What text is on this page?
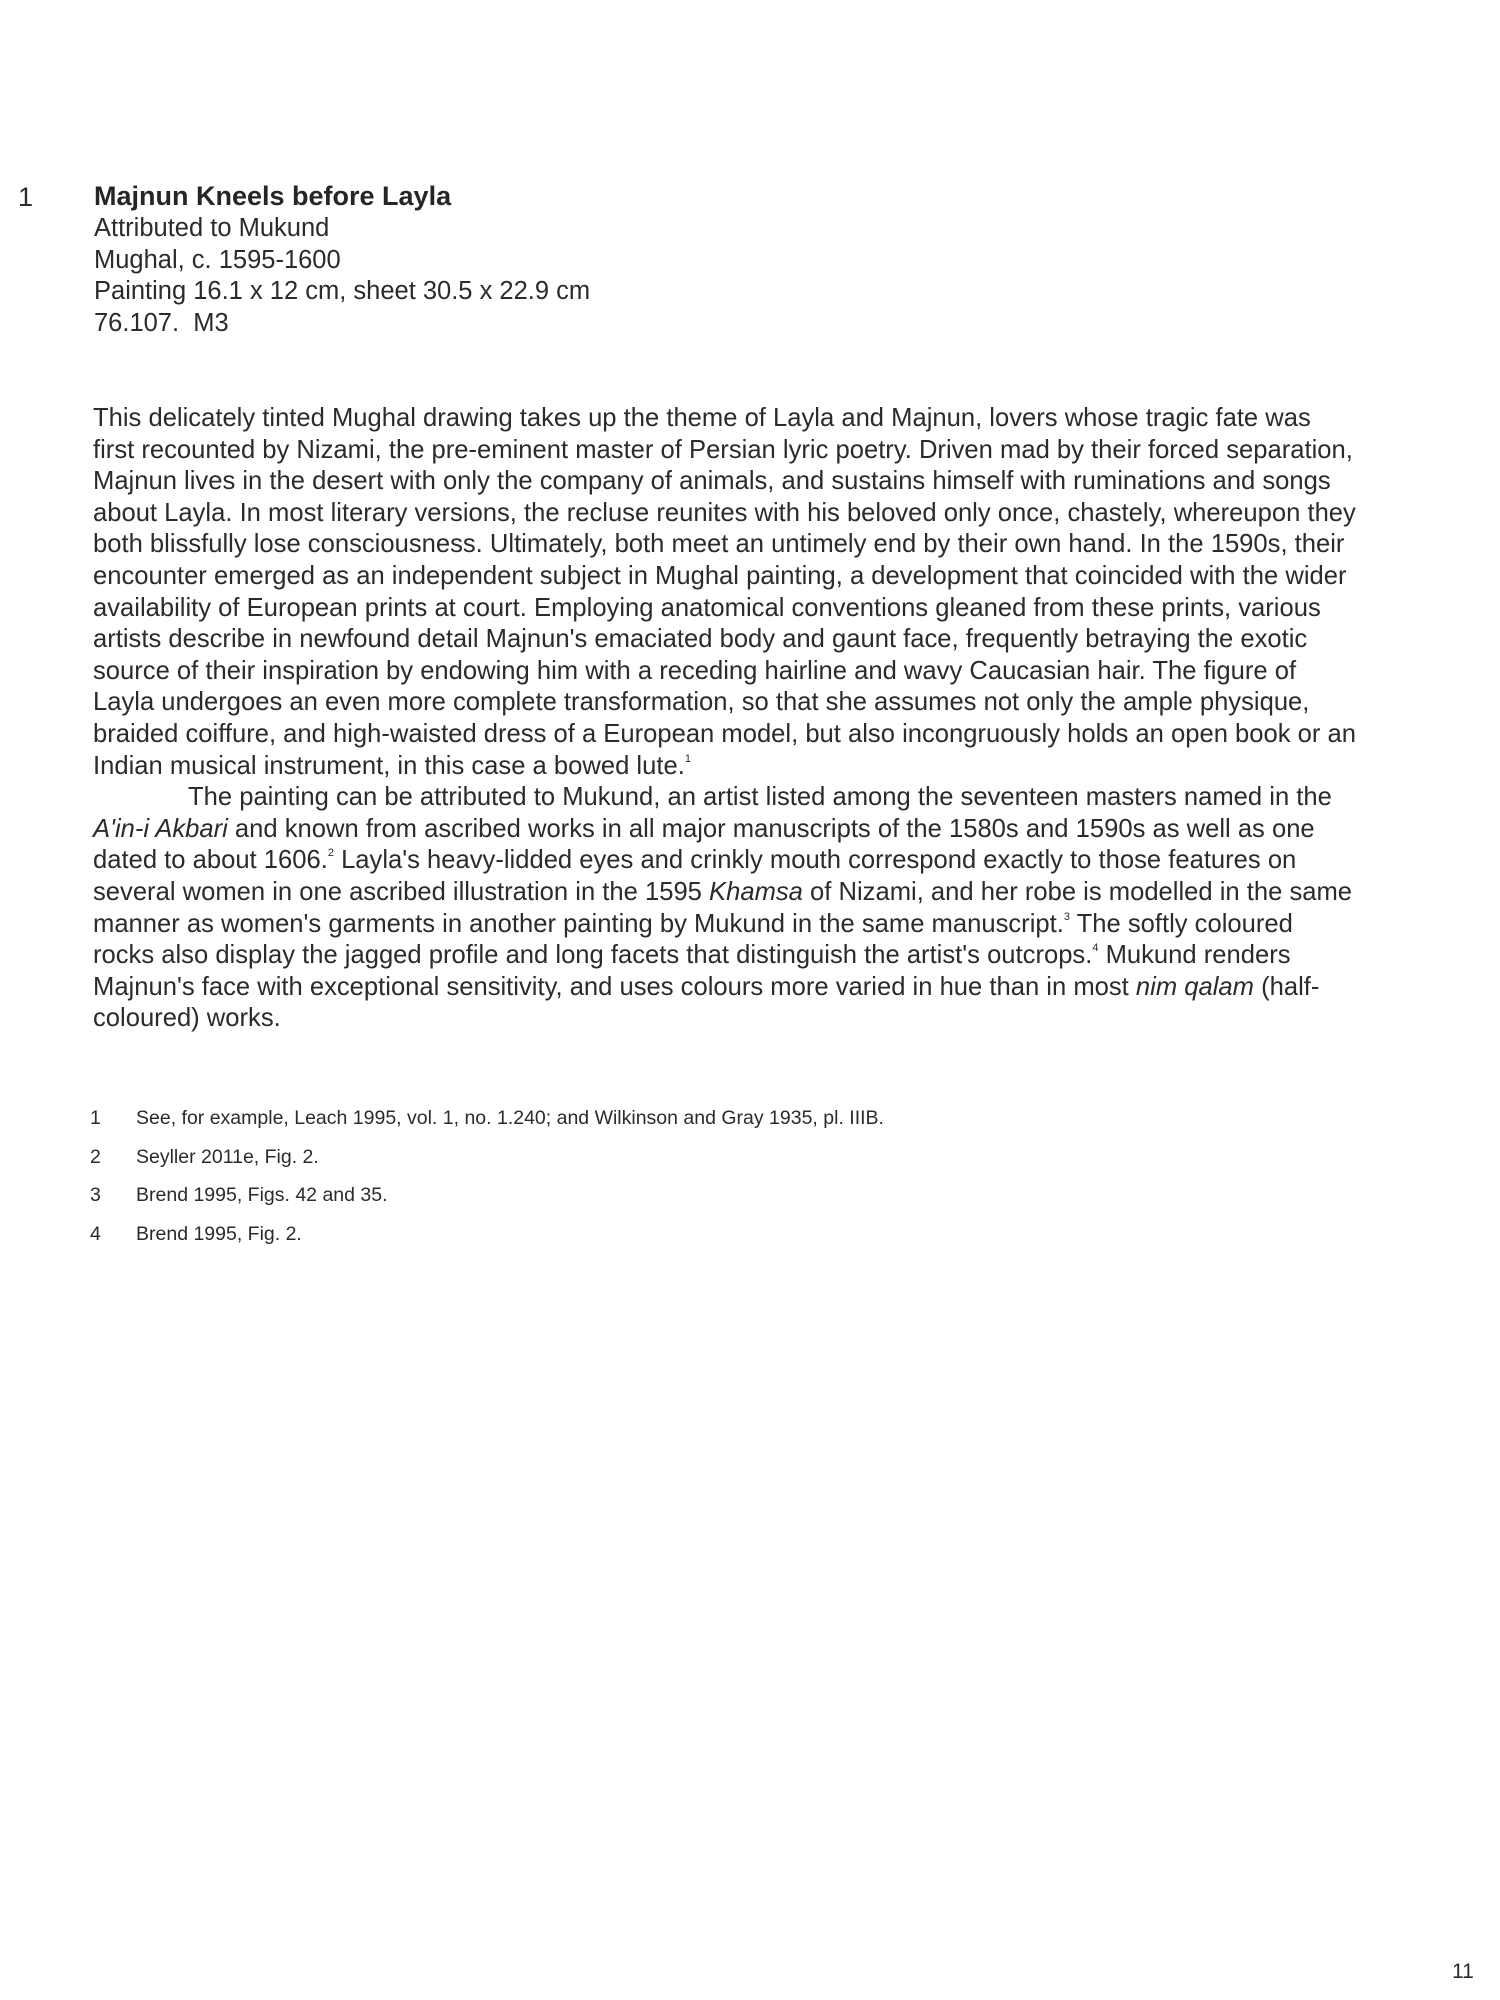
1 Majnun Kneels before Layla

Attributed to Mukund

Mughal, c. 1595-1600

Painting 16.1 x 12 cm, sheet 30.5 x 22.9 cm

76.107.  M3

This delicately tinted Mughal drawing takes up the theme of Layla and Majnun, lovers whose tragic fate was first recounted by Nizami, the pre-eminent master of Persian lyric poetry. Driven mad by their forced separation, Majnun lives in the desert with only the company of animals, and sustains himself with ruminations and songs about Layla. In most literary versions, the recluse reunites with his beloved only once, chastely, whereupon they both blissfully lose consciousness. Ultimately, both meet an untimely end by their own hand. In the 1590s, their encounter emerged as an independent subject in Mughal painting, a development that coincided with the wider availability of European prints at court. Employing anatomical conventions gleaned from these prints, various artists describe in newfound detail Majnun's emaciated body and gaunt face, frequently betraying the exotic source of their inspiration by endowing him with a receding hairline and wavy Caucasian hair. The figure of Layla undergoes an even more complete transformation, so that she assumes not only the ample physique, braided coiffure, and high-waisted dress of a European model, but also incongruously holds an open book or an Indian musical instrument, in this case a bowed lute.$^1$

The painting can be attributed to Mukund, an artist listed among the seventeen masters named in the A'in-i Akbari and known from ascribed works in all major manuscripts of the 1580s and 1590s as well as one dated to about 1606.$^2$ Layla's heavy-lidded eyes and crinkly mouth correspond exactly to those features on several women in one ascribed illustration in the 1595 Khamsa of Nizami, and her robe is modelled in the same manner as women's garments in another painting by Mukund in the same manuscript.$^3$ The softly coloured rocks also display the jagged profile and long facets that distinguish the artist's outcrops.$^4$ Mukund renders Majnun's face with exceptional sensitivity, and uses colours more varied in hue than in most nim qalam (half-coloured) works.

1 See, for example, Leach 1995, vol. 1, no. 1.240; and Wilkinson and Gray 1935, pl. IIIB.
2 Seyller 2011e, Fig. 2.
3 Brend 1995, Figs. 42 and 35.
4 Brend 1995, Fig. 2.
11
